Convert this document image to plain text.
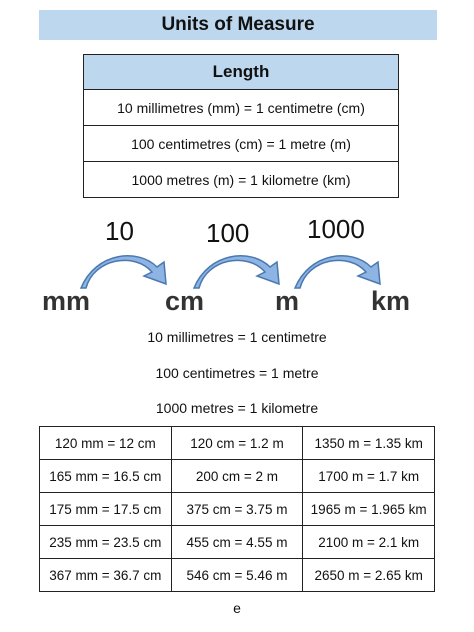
Units of Measure
Length
10 millimetres (mm) = 1 centimetre (cm)
100 centimetres (cm) = 1 metre (m)
1000 metres (m) = 1 kilometre (km)
10	100 1000
mm	cm	m	km
10 millimetres = 1 centimetre
100 centimetres = 1 metre
1000 metres = 1 kilometre
120 mm = 12 cm	120 cm = 1.2 m	1350 m = 1.35 km
165 mm = 16.5 cm	200 cm = 2 m	1700 m = 1.7 km
175 mm = 17.5 cm	375 cm = 3.75 m	1965 m = 1.965 km
235 mm = 23.5 cm	455 cm = 4.55 m	2100 m = 2.1 km
367 mm = 36.7 cm	546 cm = 5.46 m	2650 m = 2.65 km
e
